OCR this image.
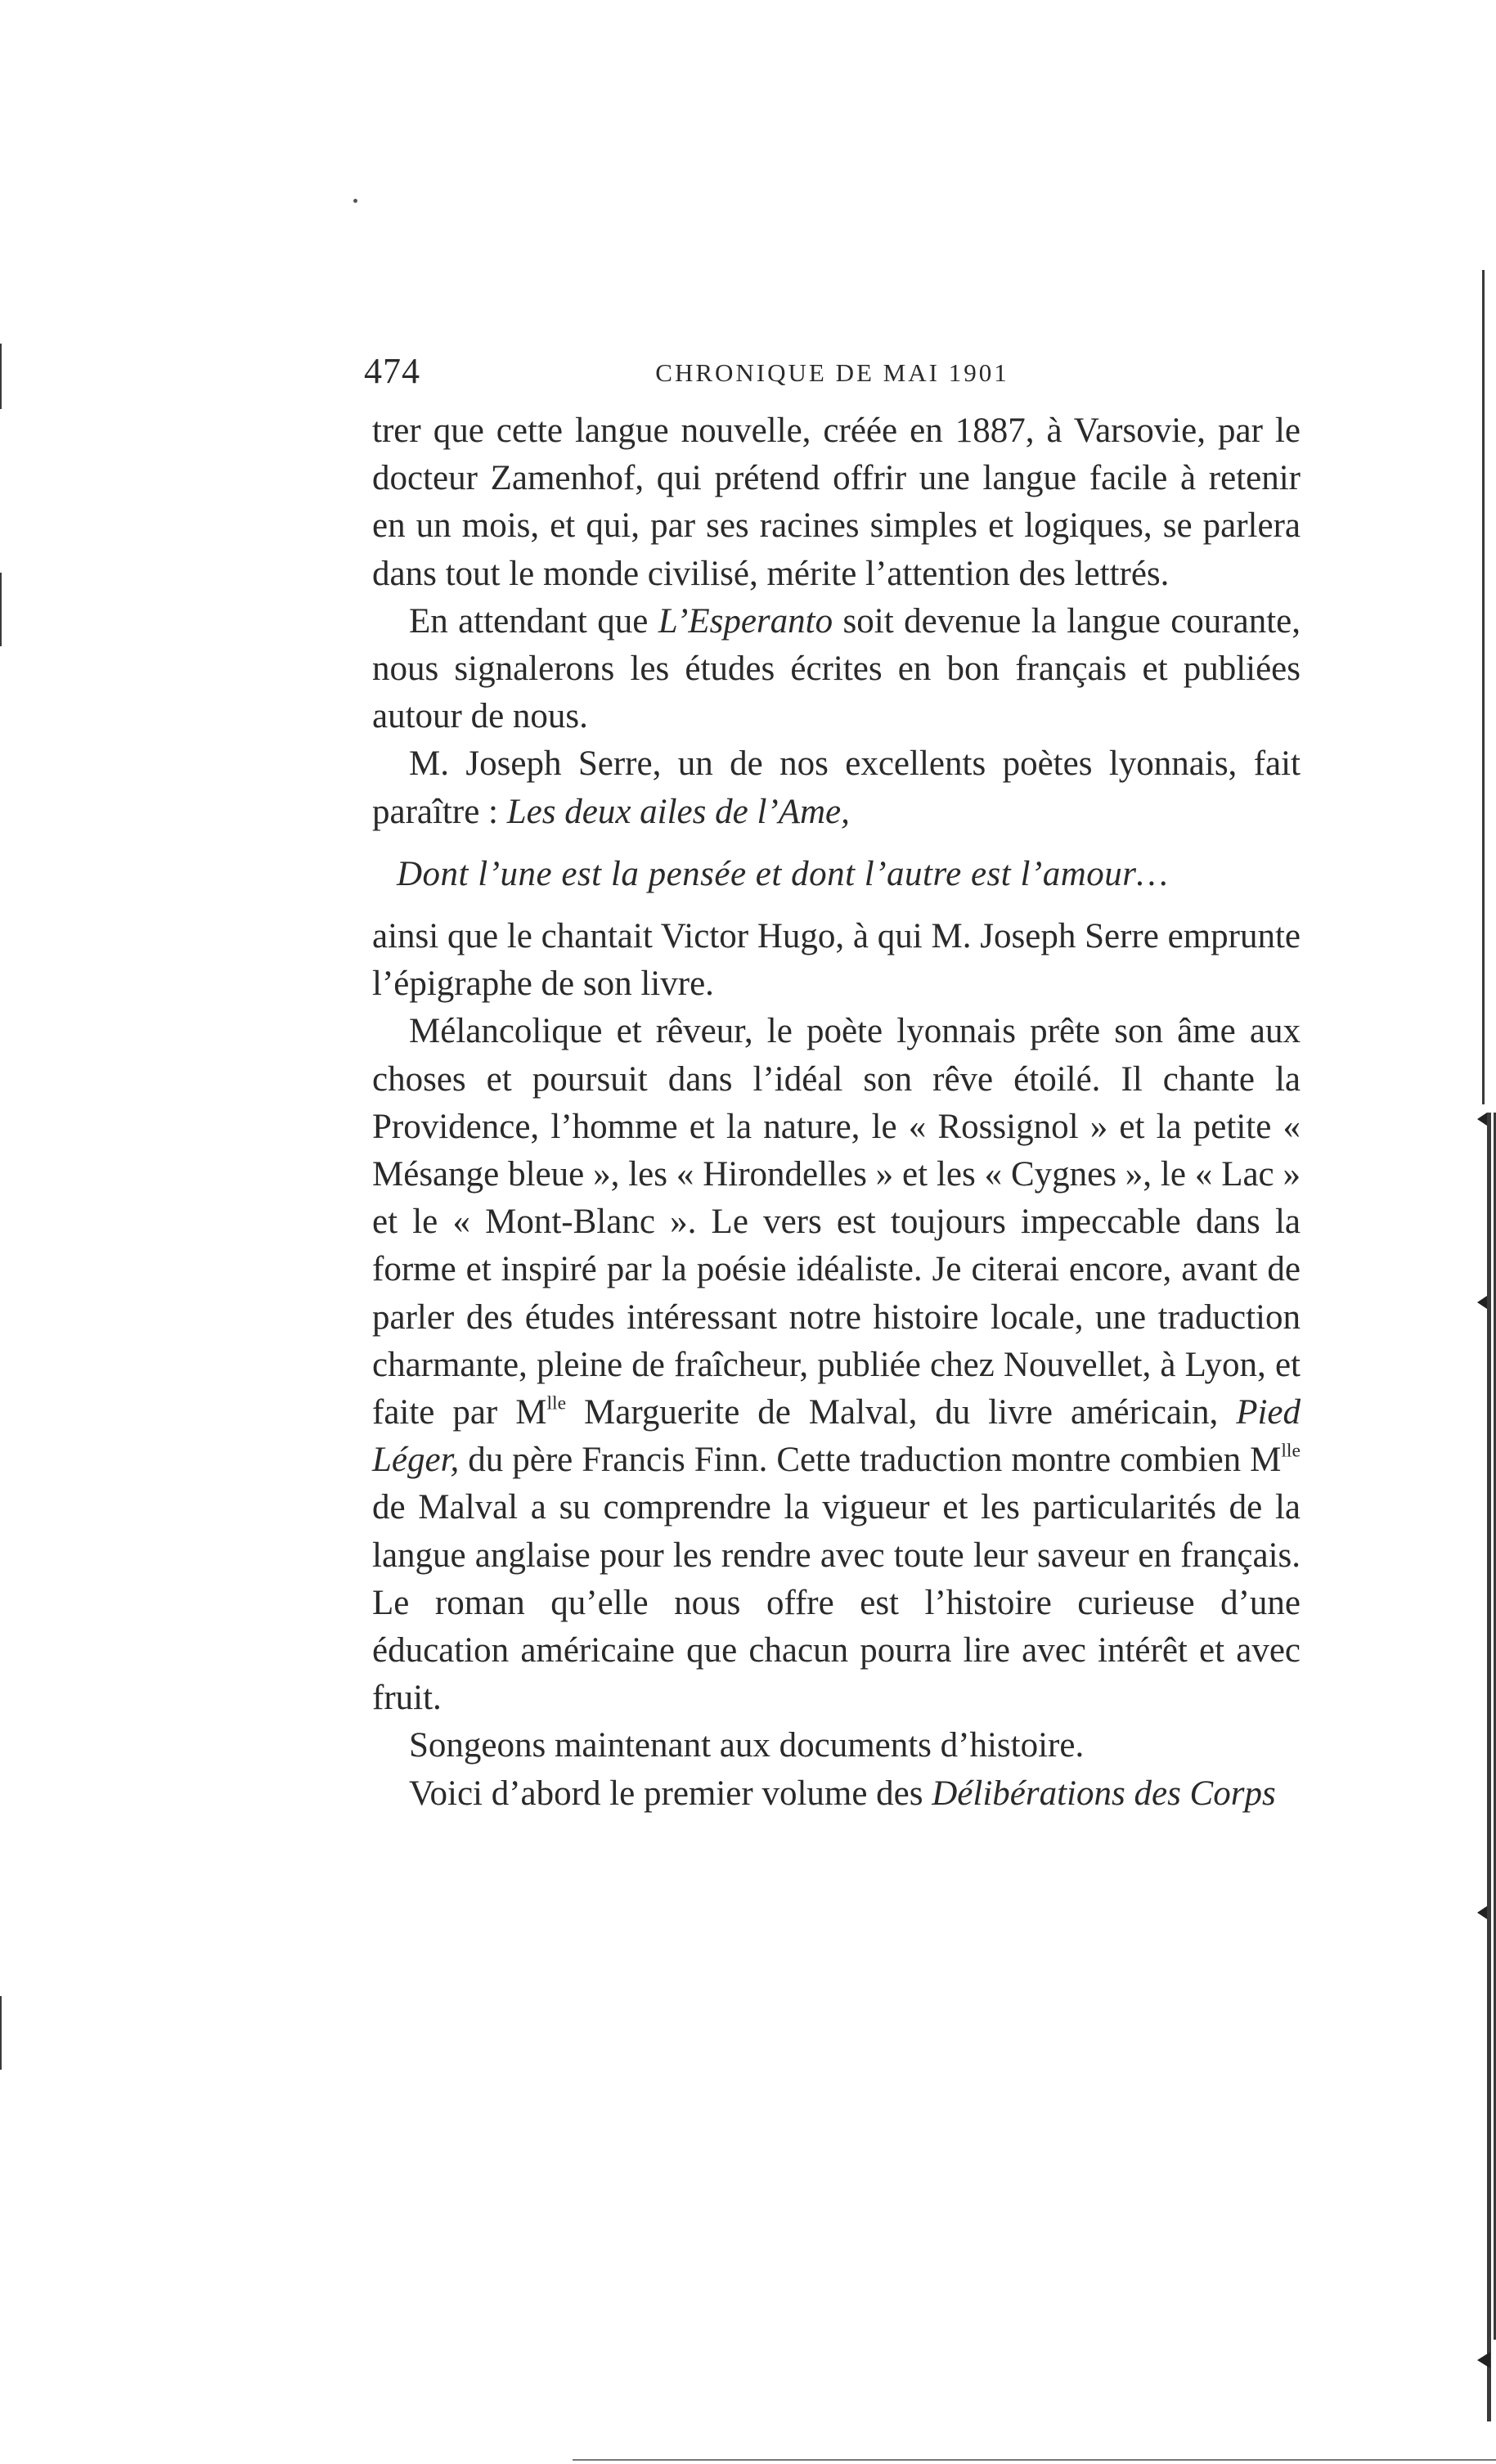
474	CHRONIQUE DE MAI 1901

trer que cette langue nouvelle, créée en 1887, à Varsovie, par le docteur Zamenhof, qui prétend offrir une langue facile à retenir en un mois, et qui, par ses racines simples et logiques, se parlera dans tout le monde civilisé, mérite l’attention des lettrés.

En attendant que L’Esperanto soit devenue la langue courante, nous signalerons les études écrites en bon français et publiées autour de nous.

M. Joseph Serre, un de nos excellents poètes lyonnais, fait paraître : Les deux ailes de l’Ame,

Dont l’une est la pensée et dont l’autre est l’amour…

ainsi que le chantait Victor Hugo, à qui M. Joseph Serre emprunte l’épigraphe de son livre.

Mélancolique et rêveur, le poète lyonnais prête son âme aux choses et poursuit dans l’idéal son rêve étoilé. Il chante la Providence, l’homme et la nature, le « Rossignol » et la petite « Mésange bleue », les « Hirondelles » et les « Cygnes », le « Lac » et le « Mont-Blanc ». Le vers est toujours impeccable dans la forme et inspiré par la poésie idéaliste. Je citerai encore, avant de parler des études intéressant notre histoire locale, une traduction charmante, pleine de fraîcheur, publiée chez Nouvellet, à Lyon, et faite par $M^{lle}$ Marguerite de Malval, du livre américain, Pied Léger, du père Francis Finn. Cette traduction montre combien $M^{lle}$ de Malval a su comprendre la vigueur et les particularités de la langue anglaise pour les rendre avec toute leur saveur en français. Le roman qu’elle nous offre est l’histoire curieuse d’une éducation américaine que chacun pourra lire avec intérêt et avec fruit.

Songeons maintenant aux documents d’histoire.

Voici d’abord le premier volume des Délibérations des Corps
